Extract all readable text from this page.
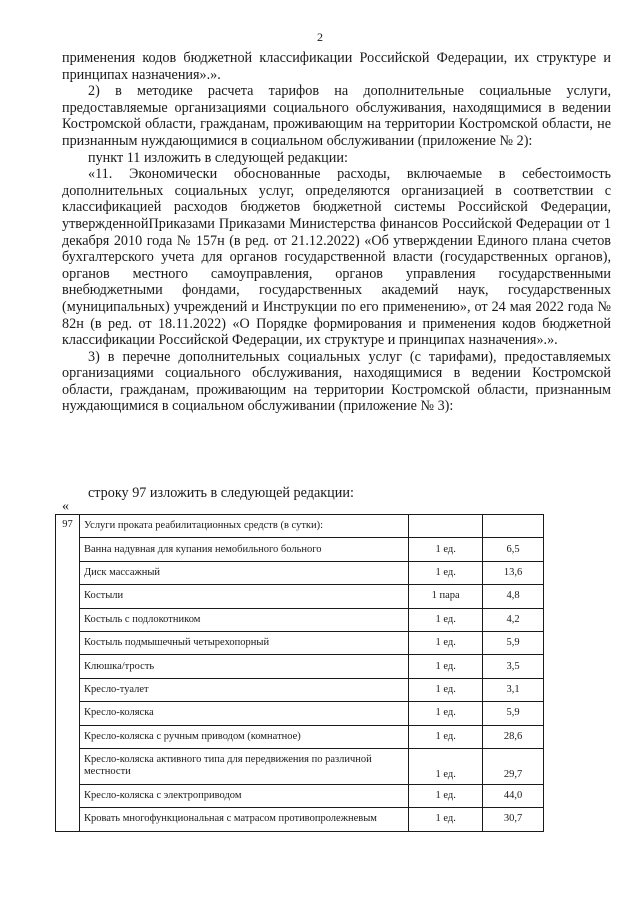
2

применения кодов бюджетной классификации Российской Федерации, их структуре и принципах назначения».».

2) в методике расчета тарифов на дополнительные социальные услуги, предоставляемые организациями социального обслуживания, находящимися в ведении Костромской области, гражданам, проживающим на территории Костромской области, не признанным нуждающимися в социальном обслуживании (приложение № 2):

пункт 11 изложить в следующей редакции:

«11. Экономически обоснованные расходы, включаемые в себестоимость дополнительных социальных услуг, определяются организацией в соответствии с классификацией расходов бюджетов бюджетной системы Российской Федерации, утвержденнойПриказами Приказами Министерства финансов Российской Федерации от 1 декабря 2010 года № 157н (в ред. от 21.12.2022) «Об утверждении Единого плана счетов бухгалтерского учета для органов государственной власти (государственных органов), органов местного самоуправления, органов управления государственными внебюджетными фондами, государственных академий наук, государственных (муниципальных) учреждений и Инструкции по его применению», от 24 мая 2022 года № 82н (в ред. от 18.11.2022) «О Порядке формирования и применения кодов бюджетной классификации Российской Федерации, их структуре и принципах назначения».».

3) в перечне дополнительных социальных услуг (с тарифами), предоставляемых организациями социального обслуживания, находящимися в ведении Костромской области, гражданам, проживающим на территории Костромской области, признанным нуждающимися в социальном обслуживании (приложение № 3):

строку 97 изложить в следующей редакции:
«
97	Услуги проката реабилитационных средств (в сутки):		
	Ванна надувная для купания немобильного больного	1 ед.	6,5
	Диск массажный	1 ед.	13,6
	Костыли	1 пара	4,8
	Костыль с подлокотником	1 ед.	4,2
	Костыль подмышечный четырехопорный	1 ед.	5,9
	Клюшка/трость	1 ед.	3,5
	Кресло-туалет	1 ед.	3,1
	Кресло-коляска	1 ед.	5,9
	Кресло-коляска с ручным приводом (комнатное)	1 ед.	28,6
	Кресло-коляска активного типа для передвижения по различной местности	1 ед.	29,7
	Кресло-коляска с электроприводом	1 ед.	44,0
	Кровать многофункциональная с матрасом противопролежневым	1 ед.	30,7
